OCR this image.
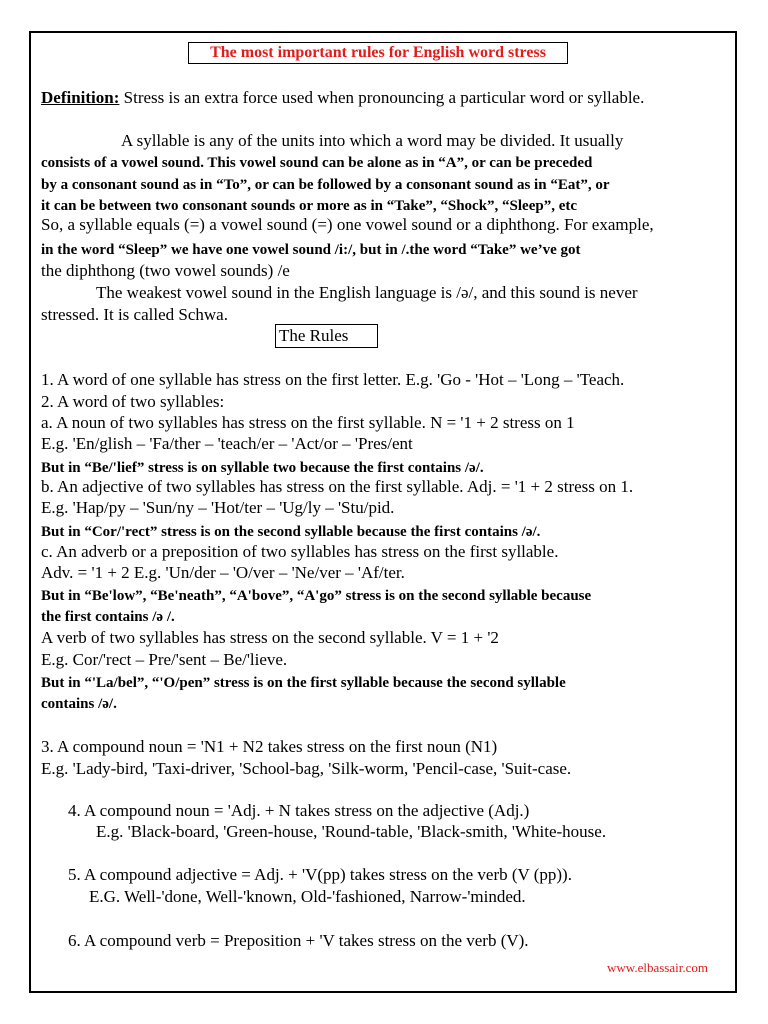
The most important rules for English word stress
Definition: Stress is an extra force used when pronouncing a particular word or syllable.
A syllable is any of the units into which a word may be divided. It usually
consists of a vowel sound. This vowel sound can be alone as in “A”, or can be preceded
by a consonant sound as in “To”, or can be followed by a consonant sound as in “Eat”, or
it can be between two consonant sounds or more as in “Take”, “Shock”, “Sleep”, etc
So, a syllable equals (=) a vowel sound (=) one vowel sound or a diphthong. For example,
in the word “Sleep” we have one vowel sound /i:/, but in /.the word “Take” we’ve got
the diphthong (two vowel sounds) /e
The weakest vowel sound in the English language is /ə/, and this sound is never
stressed. It is called Schwa.
The Rules
1. A word of one syllable has stress on the first letter. E.g. 'Go - 'Hot – 'Long – 'Teach.
2. A word of two syllables:
a. A noun of two syllables has stress on the first syllable. N = '1 + 2 stress on 1
E.g. 'En/glish – 'Fa/ther – 'teach/er – 'Act/or – 'Pres/ent
But in “Be/'lief” stress is on syllable two because the first contains /ə/.
b. An adjective of two syllables has stress on the first syllable. Adj. = '1 + 2 stress on 1.
E.g. 'Hap/py – 'Sun/ny – 'Hot/ter – 'Ug/ly – 'Stu/pid.
But in “Cor/'rect” stress is on the second syllable because the first contains /ə/.
c. An adverb or a preposition of two syllables has stress on the first syllable.
Adv. = '1 + 2 E.g. 'Un/der – 'O/ver – 'Ne/ver – 'Af/ter.
But in “Be'low”, “Be'neath”, “A'bove”, “A'go” stress is on the second syllable because
the first contains /ə /.
A verb of two syllables has stress on the second syllable. V = 1 + '2
E.g. Cor/'rect – Pre/'sent – Be/'lieve.
But in “'La/bel”, “'O/pen” stress is on the first syllable because the second syllable
contains /ə/.
3. A compound noun = 'N1 + N2 takes stress on the first noun (N1)
E.g. 'Lady-bird, 'Taxi-driver, 'School-bag, 'Silk-worm, 'Pencil-case, 'Suit-case.
4. A compound noun = 'Adj. + N takes stress on the adjective (Adj.)
E.g. 'Black-board, 'Green-house, 'Round-table, 'Black-smith, 'White-house.
5. A compound adjective = Adj. + 'V(pp) takes stress on the verb (V (pp)).
E.G. Well-'done, Well-'known, Old-'fashioned, Narrow-'minded.
6. A compound verb = Preposition + 'V takes stress on the verb (V).
www.elbassair.com
